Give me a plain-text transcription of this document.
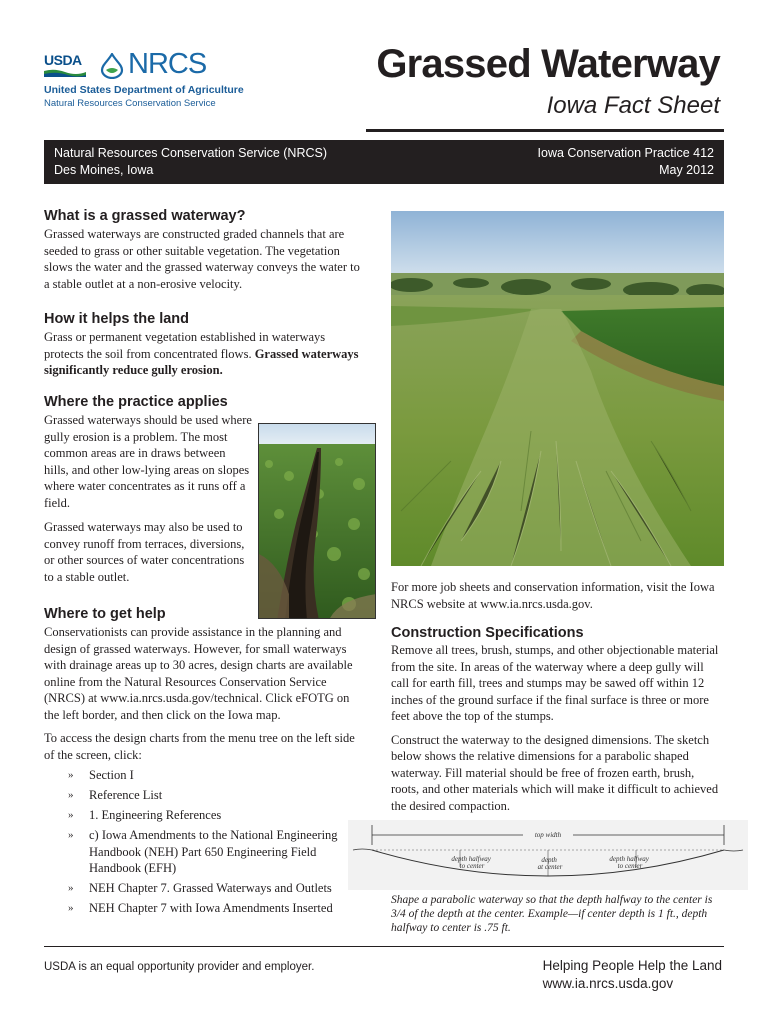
USDA NRCS
United States Department of Agriculture
Natural Resources Conservation Service
Grassed Waterway
Iowa Fact Sheet
Natural Resources Conservation Service (NRCS)
Des Moines, Iowa
Iowa Conservation Practice 412
May 2012
What is a grassed waterway?

Grassed waterways are constructed graded channels that are seeded to grass or other suitable vegetation. The vegetation slows the water and the grassed waterway conveys the water to a stable outlet at a non-erosive velocity.

How it helps the land

Grass or permanent vegetation established in waterways protects the soil from concentrated flows. Grassed waterways significantly reduce gully erosion.

Where the practice applies

Grassed waterways should be used where gully erosion is a problem. The most common areas are in draws between hills, and other low-lying areas on slopes where water concentrates as it runs off a field.

Grassed waterways may also be used to convey runoff from terraces, diversions, or other sources of water concentrations to a stable outlet.

Where to get help

Conservationists can provide assistance in the planning and design of grassed waterways. However, for small waterways with drainage areas up to 30 acres, design charts are available online from the Natural Resources Conservation Service (NRCS) at www.ia.nrcs.usda.gov/technical. Click eFOTG on the left border, and then click on the Iowa map.

To access the design charts from the menu tree on the left side of the screen, click:

» Section I
» Reference List
» 1. Engineering References
» c) Iowa Amendments to the National Engineering Handbook (NEH) Part 650 Engineering Field Handbook (EFH)
» NEH Chapter 7. Grassed Waterways and Outlets
» NEH Chapter 7 with Iowa Amendments Inserted

For more job sheets and conservation information, visit the Iowa NRCS website at www.ia.nrcs.usda.gov.

Construction Specifications

Remove all trees, brush, stumps, and other objectionable material from the site. In areas of the waterway where a deep gully will call for earth fill, trees and stumps may be sawed off within 12 inches of the ground surface if the final surface is three or more feet above the top of the stumps.

Construct the waterway to the designed dimensions. The sketch below shows the relative dimensions for a parabolic shaped waterway. Fill material should be free of frozen earth, brush, roots, and other materials which will make it difficult to achieved the desired compaction.

top width
depth halfway to center
depth at center
depth halfway to center

Shape a parabolic waterway so that the depth halfway to the center is 3/4 of the depth at the center. Example—if center depth is 1 ft., depth halfway to center is .75 ft.

USDA is an equal opportunity provider and employer.	Helping People Help the Land
www.ia.nrcs.usda.gov
